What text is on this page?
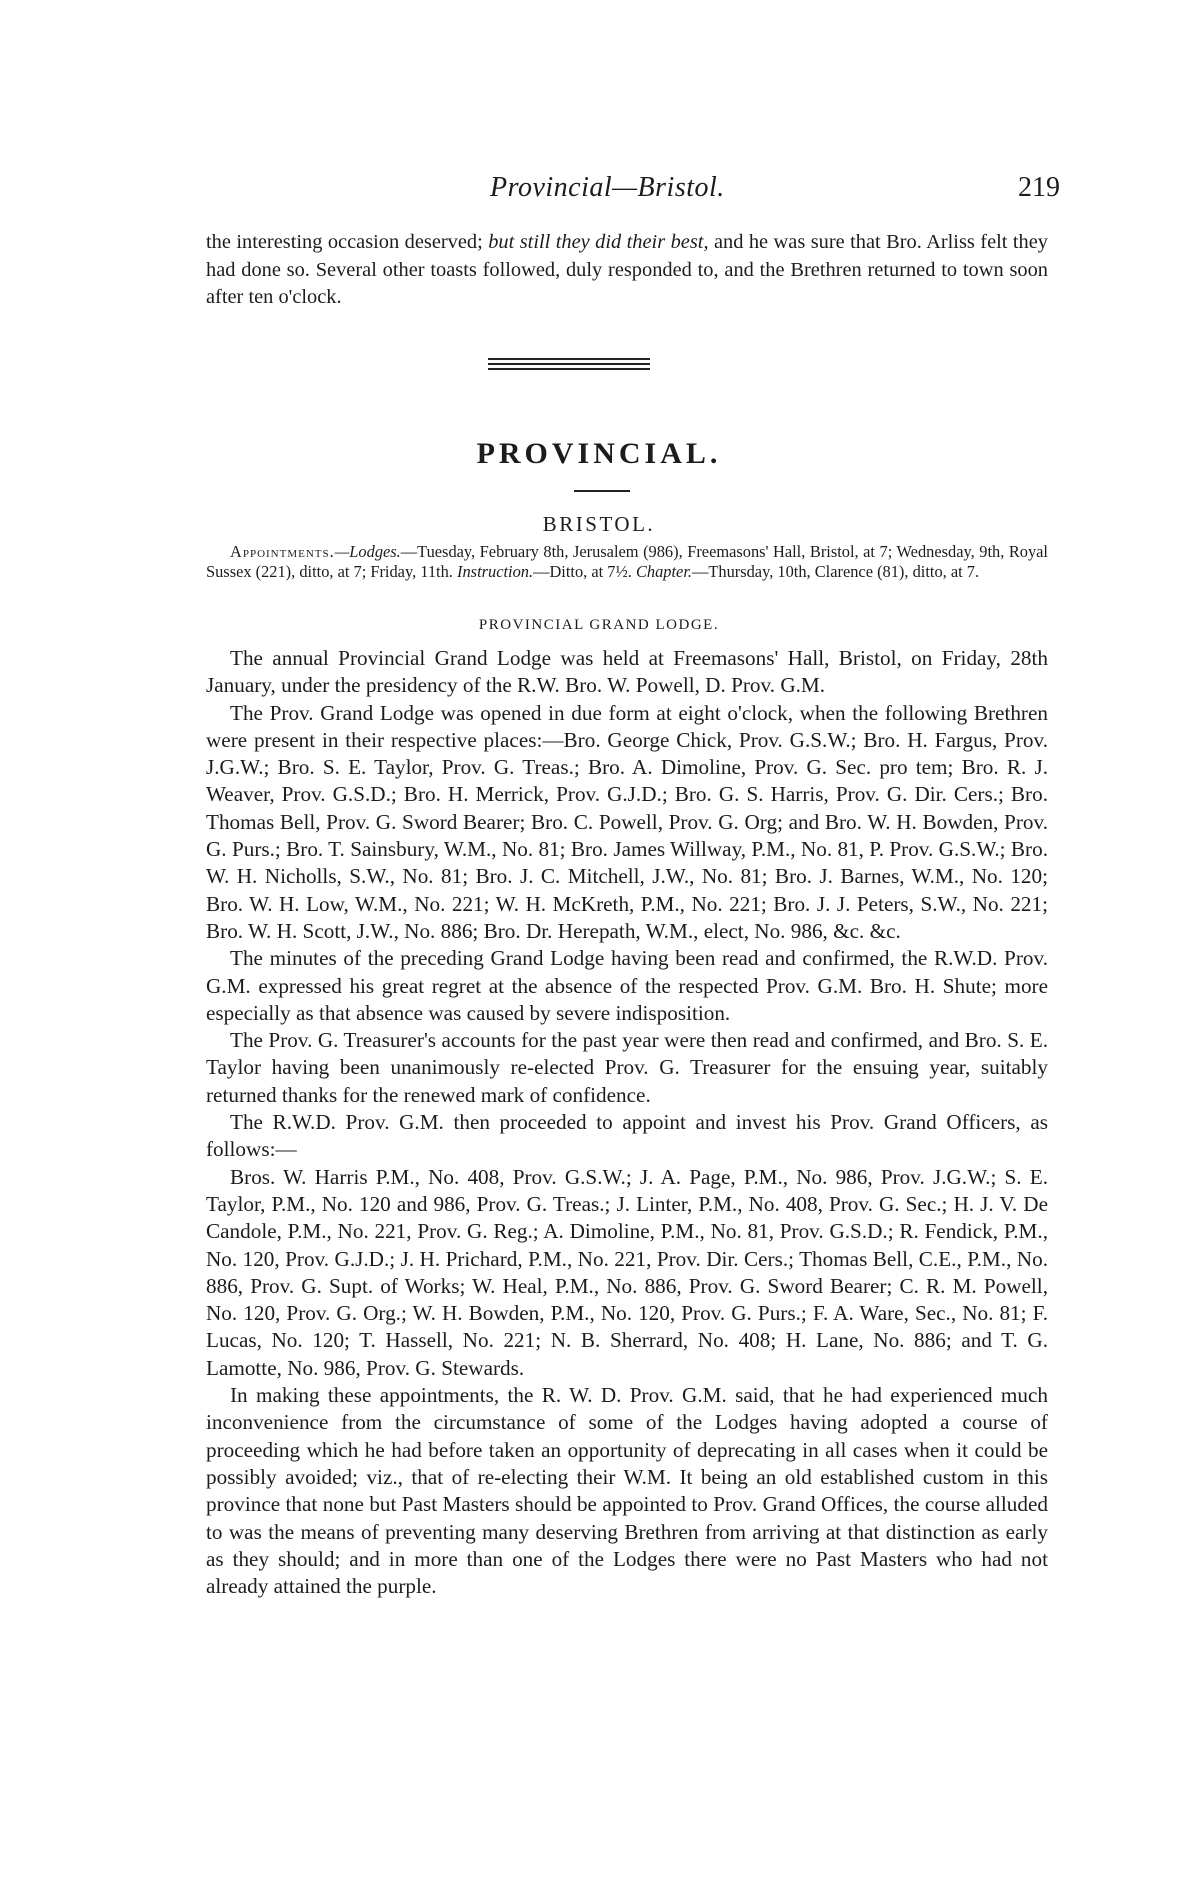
Provincial—Bristol.	219

the interesting occasion deserved; but still they did their best, and he was sure that Bro. Arliss felt they had done so. Several other toasts followed, duly responded to, and the Brethren returned to town soon after ten o'clock.

PROVINCIAL.
BRISTOL.

Appointments.—Lodges.—Tuesday, February 8th, Jerusalem (986), Freemasons' Hall, Bristol, at 7; Wednesday, 9th, Royal Sussex (221), ditto, at 7; Friday, 11th. Instruction.—Ditto, at 7½. Chapter.—Thursday, 10th, Clarence (81), ditto, at 7.

PROVINCIAL GRAND LODGE.

The annual Provincial Grand Lodge was held at Freemasons' Hall, Bristol, on Friday, 28th January, under the presidency of the R.W. Bro. W. Powell, D. Prov. G.M.

The Prov. Grand Lodge was opened in due form at eight o'clock, when the following Brethren were present in their respective places:—Bro. George Chick, Prov. G.S.W.; Bro. H. Fargus, Prov. J.G.W.; Bro. S. E. Taylor, Prov. G. Treas.; Bro. A. Dimoline, Prov. G. Sec. pro tem; Bro. R. J. Weaver, Prov. G.S.D.; Bro. H. Merrick, Prov. G.J.D.; Bro. G. S. Harris, Prov. G. Dir. Cers.; Bro. Thomas Bell, Prov. G. Sword Bearer; Bro. C. Powell, Prov. G. Org; and Bro. W. H. Bowden, Prov. G. Purs.; Bro. T. Sainsbury, W.M., No. 81; Bro. James Willway, P.M., No. 81, P. Prov. G.S.W.; Bro. W. H. Nicholls, S.W., No. 81; Bro. J. C. Mitchell, J.W., No. 81; Bro. J. Barnes, W.M., No. 120; Bro. W. H. Low, W.M., No. 221; W. H. McKreth, P.M., No. 221; Bro. J. J. Peters, S.W., No. 221; Bro. W. H. Scott, J.W., No. 886; Bro. Dr. Herepath, W.M., elect, No. 986, &c. &c.

The minutes of the preceding Grand Lodge having been read and confirmed, the R.W.D. Prov. G.M. expressed his great regret at the absence of the respected Prov. G.M. Bro. H. Shute; more especially as that absence was caused by severe indisposition.

The Prov. G. Treasurer's accounts for the past year were then read and confirmed, and Bro. S. E. Taylor having been unanimously re-elected Prov. G. Treasurer for the ensuing year, suitably returned thanks for the renewed mark of confidence.

The R.W.D. Prov. G.M. then proceeded to appoint and invest his Prov. Grand Officers, as follows:—

Bros. W. Harris P.M., No. 408, Prov. G.S.W.; J. A. Page, P.M., No. 986, Prov. J.G.W.; S. E. Taylor, P.M., No. 120 and 986, Prov. G. Treas.; J. Linter, P.M., No. 408, Prov. G. Sec.; H. J. V. De Candole, P.M., No. 221, Prov. G. Reg.; A. Dimoline, P.M., No. 81, Prov. G.S.D.; R. Fendick, P.M., No. 120, Prov. G.J.D.; J. H. Prichard, P.M., No. 221, Prov. Dir. Cers.; Thomas Bell, C.E., P.M., No. 886, Prov. G. Supt. of Works; W. Heal, P.M., No. 886, Prov. G. Sword Bearer; C. R. M. Powell, No. 120, Prov. G. Org.; W. H. Bowden, P.M., No. 120, Prov. G. Purs.; F. A. Ware, Sec., No. 81; F. Lucas, No. 120; T. Hassell, No. 221; N. B. Sherrard, No. 408; H. Lane, No. 886; and T. G. Lamotte, No. 986, Prov. G. Stewards.

In making these appointments, the R. W. D. Prov. G.M. said, that he had experienced much inconvenience from the circumstance of some of the Lodges having adopted a course of proceeding which he had before taken an opportunity of deprecating in all cases when it could be possibly avoided; viz., that of re-electing their W.M. It being an old established custom in this province that none but Past Masters should be appointed to Prov. Grand Offices, the course alluded to was the means of preventing many deserving Brethren from arriving at that distinction as early as they should; and in more than one of the Lodges there were no Past Masters who had not already attained the purple.
